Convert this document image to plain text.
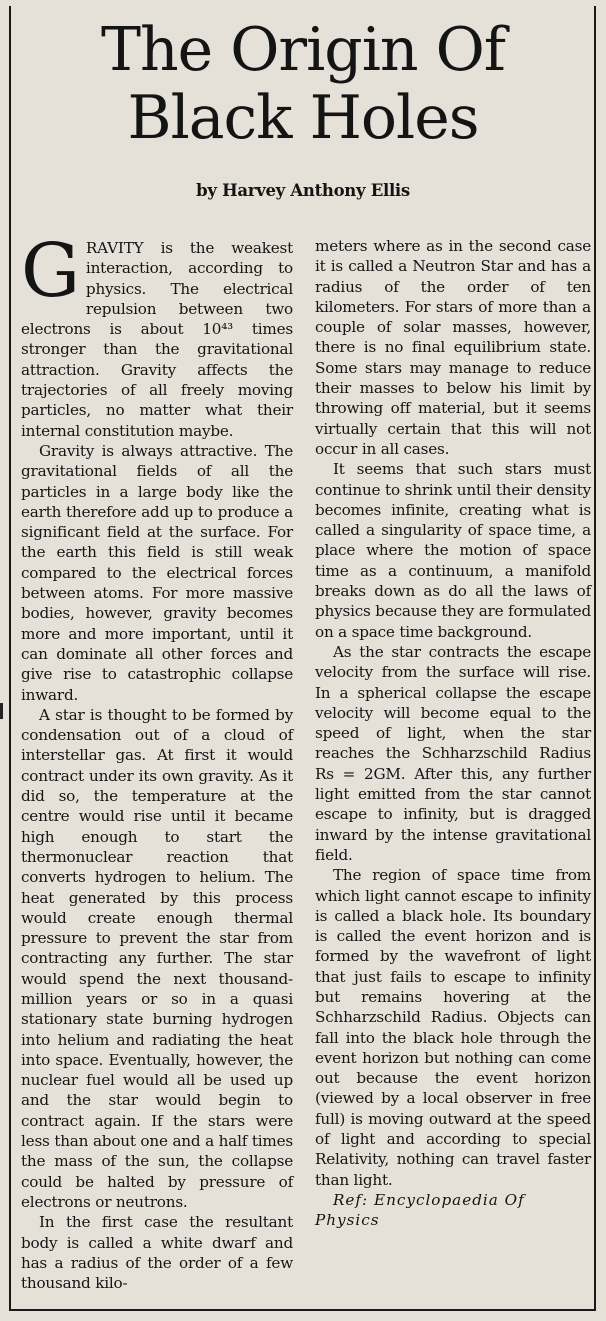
The Origin Of
Black Holes
by Harvey Anthony Ellis

GRAVITY is the weakest interaction, according to physics. The electrical repulsion between two electrons is about 10⁴³ times stronger than the gravitational attraction. Gravity affects the trajectories of all freely moving particles, no matter what their internal constitution maybe.

Gravity is always attractive. The gravitational fields of all the particles in a large body like the earth therefore add up to produce a significant field at the surface. For the earth this field is still weak compared to the electrical forces between atoms. For more massive bodies, however, gravity becomes more and more important, until it can dominate all other forces and give rise to catastrophic collapse inward.

A star is thought to be formed by condensation out of a cloud of interstellar gas. At first it would contract under its own gravity. As it did so, the temperature at the centre would rise until it became high enough to start the thermonuclear reaction that converts hydrogen to helium. The heat generated by this process would create enough thermal pressure to prevent the star from contracting any further. The star would spend the next thousand-million years or so in a quasi stationary state burning hydrogen into helium and radiating the heat into space. Eventually, however, the nuclear fuel would all be used up and the star would begin to contract again. If the stars were less than about one and a half times the mass of the sun, the collapse could be halted by pressure of electrons or neutrons.

In the first case the resultant body is called a white dwarf and has a radius of the order of a few thousand kilo-

meters where as in the second case it is called a Neutron Star and has a radius of the order of ten kilometers. For stars of more than a couple of solar masses, however, there is no final equilibrium state. Some stars may manage to reduce their masses to below his limit by throwing off material, but it seems virtually certain that this will not occur in all cases.

It seems that such stars must continue to shrink until their density becomes infinite, creating what is called a singularity of space time, a place where the motion of space time as a continuum, a manifold breaks down as do all the laws of physics because they are formulated on a space time background.

As the star contracts the escape velocity from the surface will rise. In a spherical collapse the escape velocity will become equal to the speed of light, when the star reaches the Schharzschild Radius Rs = 2GM. After this, any further light emitted from the star cannot escape to infinity, but is dragged inward by the intense gravitational field.

The region of space time from which light cannot escape to infinity is called a black hole. Its boundary is called the event horizon and is formed by the wavefront of light that just fails to escape to infinity but remains hovering at the Schharzschild Radius. Objects can fall into the black hole through the event horizon but nothing can come out because the event horizon (viewed by a local observer in free full) is moving outward at the speed of light and according to special Relativity, nothing can travel faster than light.

Ref: Encyclopaedia Of Physics
